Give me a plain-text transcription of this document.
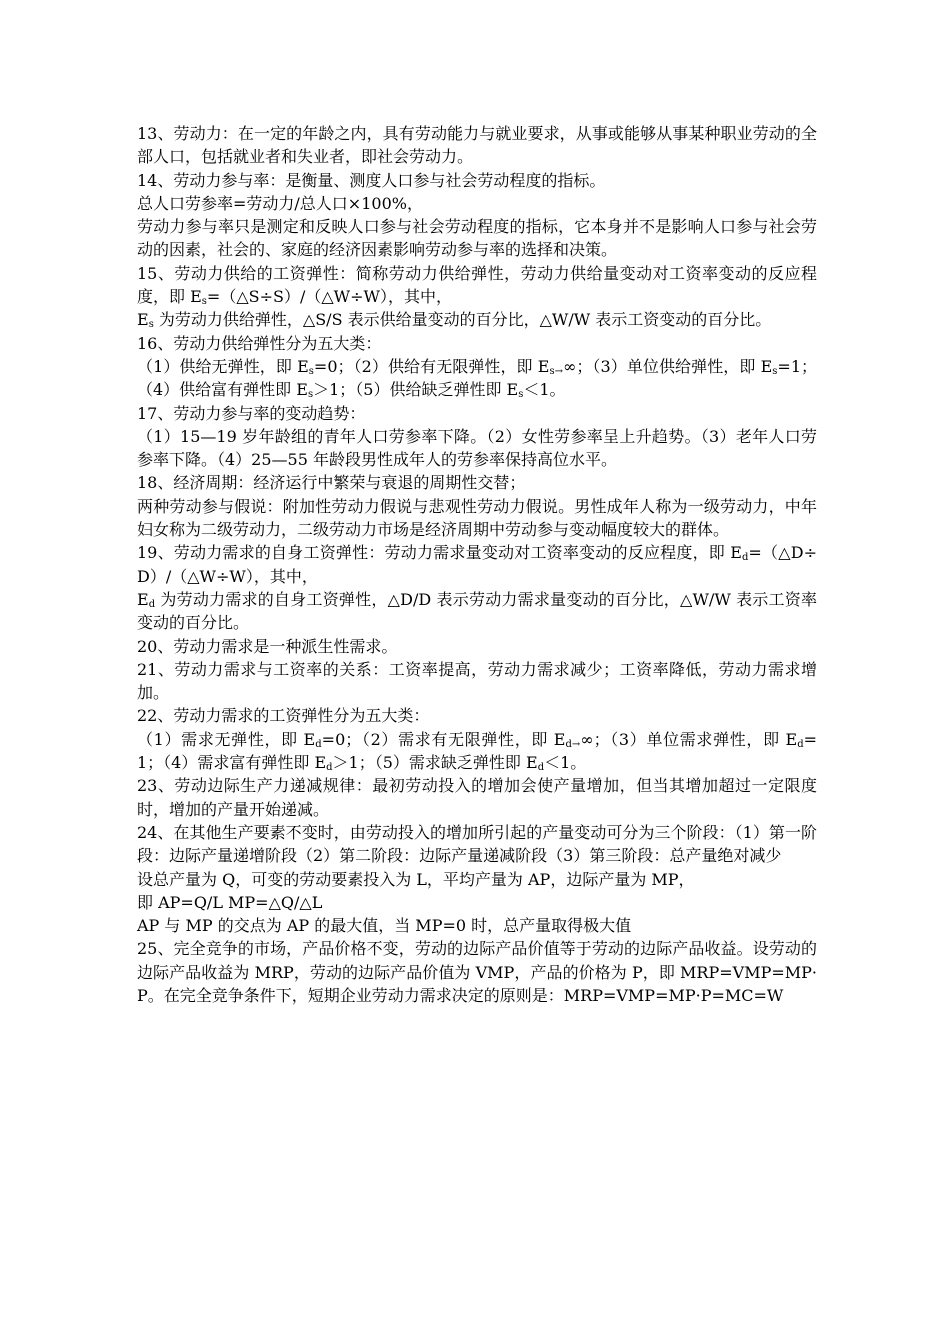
13、劳动力：在一定的年龄之内，具有劳动能力与就业要求，从事或能够从事某种职业劳动的全部人口，包括就业者和失业者，即社会劳动力。

14、劳动力参与率：是衡量、测度人口参与社会劳动程度的指标。

总人口劳参率=劳动力/总人口×100%，

劳动力参与率只是测定和反映人口参与社会劳动程度的指标，它本身并不是影响人口参与社会劳动的因素，社会的、家庭的经济因素影响劳动参与率的选择和决策。

15、劳动力供给的工资弹性：简称劳动力供给弹性，劳动力供给量变动对工资率变动的反应程度，即 $E_s=(\triangle S\div S)/(\triangle W\div W)$，其中，

$E_s$ 为劳动力供给弹性，△S/S 表示供给量变动的百分比，△W/W 表示工资变动的百分比。

16、劳动力供给弹性分为五大类：

（1）供给无弹性，即 $E_s=0$；（2）供给有无限弹性，即 $E_{s\to}\infty$；（3）单位供给弹性，即 $E_s=1$；（4）供给富有弹性即 $E_s>1$；（5）供给缺乏弹性即 $E_s<1$。

17、劳动力参与率的变动趋势：

（1）15—19 岁年龄组的青年人口劳参率下降。（2）女性劳参率呈上升趋势。（3）老年人口劳参率下降。（4）25—55 年龄段男性成年人的劳参率保持高位水平。

18、经济周期：经济运行中繁荣与衰退的周期性交替；

两种劳动参与假说：附加性劳动力假说与悲观性劳动力假说。男性成年人称为一级劳动力，中年妇女称为二级劳动力，二级劳动力市场是经济周期中劳动参与变动幅度较大的群体。

19、劳动力需求的自身工资弹性：劳动力需求量变动对工资率变动的反应程度，即 $E_d=(\triangle D\div D)/(\triangle W\div W)$，其中，

$E_d$ 为劳动力需求的自身工资弹性，△D/D 表示劳动力需求量变动的百分比，△W/W 表示工资率变动的百分比。

20、劳动力需求是一种派生性需求。

21、劳动力需求与工资率的关系：工资率提高，劳动力需求减少；工资率降低，劳动力需求增加。

22、劳动力需求的工资弹性分为五大类：

（1）需求无弹性，即 $E_d=0$；（2）需求有无限弹性，即 $E_{d\to}\infty$；（3）单位需求弹性，即 $E_d=1$；（4）需求富有弹性即 $E_d>1$；（5）需求缺乏弹性即 $E_d<1$。

23、劳动边际生产力递减规律：最初劳动投入的增加会使产量增加，但当其增加超过一定限度时，增加的产量开始递减。

24、在其他生产要素不变时，由劳动投入的增加所引起的产量变动可分为三个阶段：（1）第一阶段：边际产量递增阶段（2）第二阶段：边际产量递减阶段（3）第三阶段：总产量绝对减少

设总产量为 Q，可变的劳动要素投入为 L，平均产量为 AP，边际产量为 MP，

即 AP=Q/L MP=△Q/△L

AP 与 MP 的交点为 AP 的最大值，当 MP=0 时，总产量取得极大值

25、完全竞争的市场，产品价格不变，劳动的边际产品价值等于劳动的边际产品收益。设劳动的边际产品收益为 MRP，劳动的边际产品价值为 VMP，产品的价格为 P，即 MRP=VMP=MP·P。在完全竞争条件下，短期企业劳动力需求决定的原则是：MRP=VMP=MP·P=MC=W
